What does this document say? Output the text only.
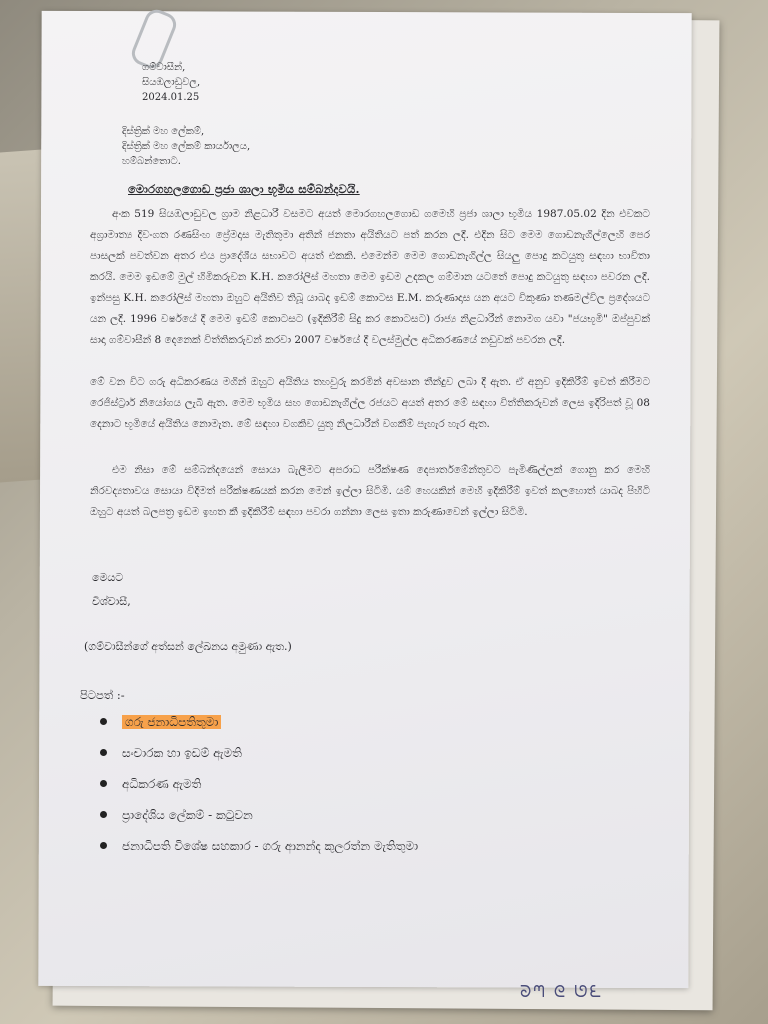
ගම්වාසීන්,
සියඹලාඩුවල,
2024.01.25
දිස්ත්‍රික් මහ ලේකම්,
දිස්ත්‍රික් මහ ලේකම් කාර්යාලය,
හම්බන්තොට.
මොරගහලගොඩ ප්‍රජා ශාලා භූමිය සම්බන්දවයි.
අංක 519 සියඹලාඩුවල ග්‍රාම නිළධාරී වසමට අයත් මොරගහලගොඩ ගමෙහි ප්‍රජා ශාලා භූමිය 1987.05.02 දින එවකට අග්‍රාමාත්‍ය දිවංගත රණසිංහ ප්‍රේමදාස මැතිතුමා අතින් ජනතා අයිතියට පත් කරන ලදී. එදින සිට මෙම ගොඩනැගිල්ලෙහි පෙර පාසලක් පවත්වන අතර එය ප්‍රාදේශීය සභාවට අයත් එකකි. එමෙන්ම මෙම ගොඩනැගිල්ල සියලු පොදු කටයුතු සඳහා භාවිතා කරයි. මෙම ඉඩමේ මුල් හිමිකරුවන K.H. කරෝලිස් මහතා මෙම ඉඩම උදකල ගම්මාන යටතේ පොදු කටයුතු සඳහා පවරන ලදී. ඉන්පසු K.H. කරෝලිස් මහතා ඔහුට අයිතිව තිබූ යාබද ඉඩම් කොටස E.M. කරුණාදාස යන අයට විකුණා තණමල්විල ප්‍රදේශයට යන ලදී. 1996 වර්ෂයේ දී මෙම ඉඩම් කොටසට (ඉදිකිරීම් සිදු කර කොටසට) රාජ්‍ය නිළධාරීන් නොමග යවා "ජයභූමි" ඔප්පුවක් සාදා ගම්වාසීන් 8 දෙනෙක් විත්තිකරුවන් කරවා 2007 වර්ෂයේ දී වලස්මුල්ල අධිකරණයේ නඩුවක් පවරන ලදී.
මේ වන විට ගරු අධිකරණය මගින් ඔහුට අයිතිය තහවුරු කරමින් අවසාන තීන්දුව ලබා දී ඇත. ඒ අනුව ඉදිකිරීම් ඉවත් කිරීමට රෙජිස්ට්‍රාර් නියෝගය ලැබී ඇත. මෙම භූමිය සහ ගොඩනැගිල්ල රජයට අයත් අතර මේ සඳහා විත්තිකරුවන් ලෙස ඉදිරිපත් වූ 08 දෙනාට භූමියේ අයිතිය නොමැත. මේ සඳහා වගකිව යුතු නිලධාරීන් වගකීම් පැහැර හැර ඇත.
එම නිසා මේ සම්බන්දයෙන් සොයා බැලීමට අපරාධ පරීක්ෂණ දෙපාර්තමේන්තුවට පැමිණිල්ලක් ගොනු කර මෙහි නිරවද්‍යතාවය සොයා විදිමත් පරීක්ෂණයක් කරන මෙන් ඉල්ලා සිටිමි. යම් හෙයකින් මෙහි ඉදිකිරීම් ඉවත් කලහොත් යාබද පිහිටි ඔහුට අයත් බලපත්‍ර ඉඩම ඉහත කී ඉදිකිරීම් සඳහා පවරා ගන්නා ලෙස ඉතා කරුණාවෙන් ඉල්ලා සිටිමි.
මෙයට
විශ්වාසී,
(ගම්වාසීන්ගේ අත්සන් ලේඛනය අමුණා ඇත.)
පිටපත් :-
ගරු ජනාධිපතිතුමා
සංචාරක හා ඉඩම් ඇමති
අධිකරණ ඇමති
ප්‍රාදේශිය ලේකම් - කටුවන
ජනාධිපති විශේෂ සහකාර - ගරු ආනන්ද කුලරත්න මැතිතුමා
ᘐᘉ ᘓ ᘎᘍ
